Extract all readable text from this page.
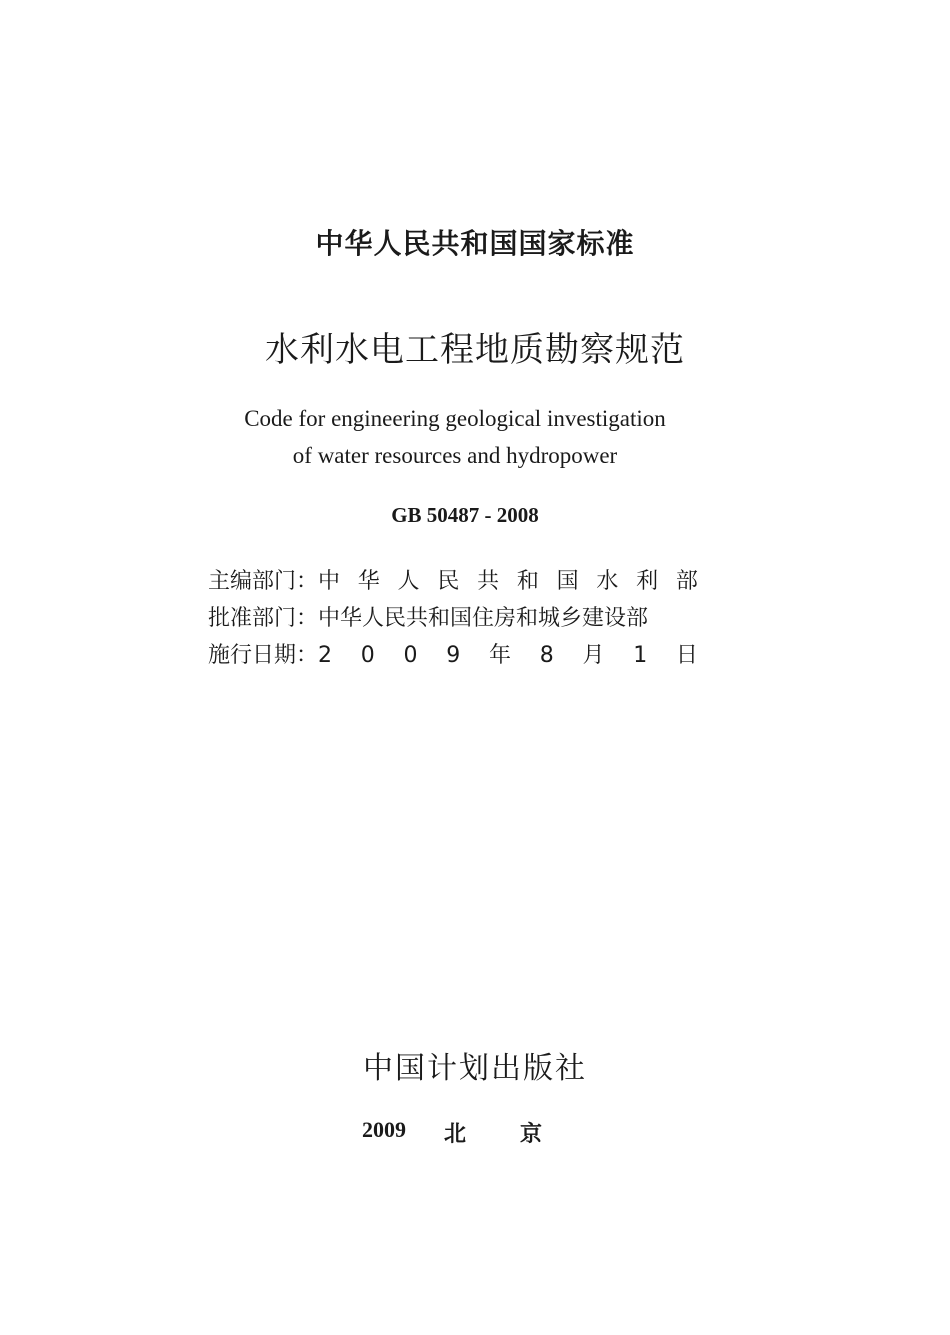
中华人民共和国国家标准
水利水电工程地质勘察规范
Code for engineering geological investigation
of water resources and hydropower
GB 50487 - 2008
主编部门： 中 华 人 民 共 和 国 水 利 部
批准部门： 中华人民共和国住房和城乡建设部
施行日期： 2 0 0 9 年 8 月 1 日
中国计划出版社
2009 北 京
